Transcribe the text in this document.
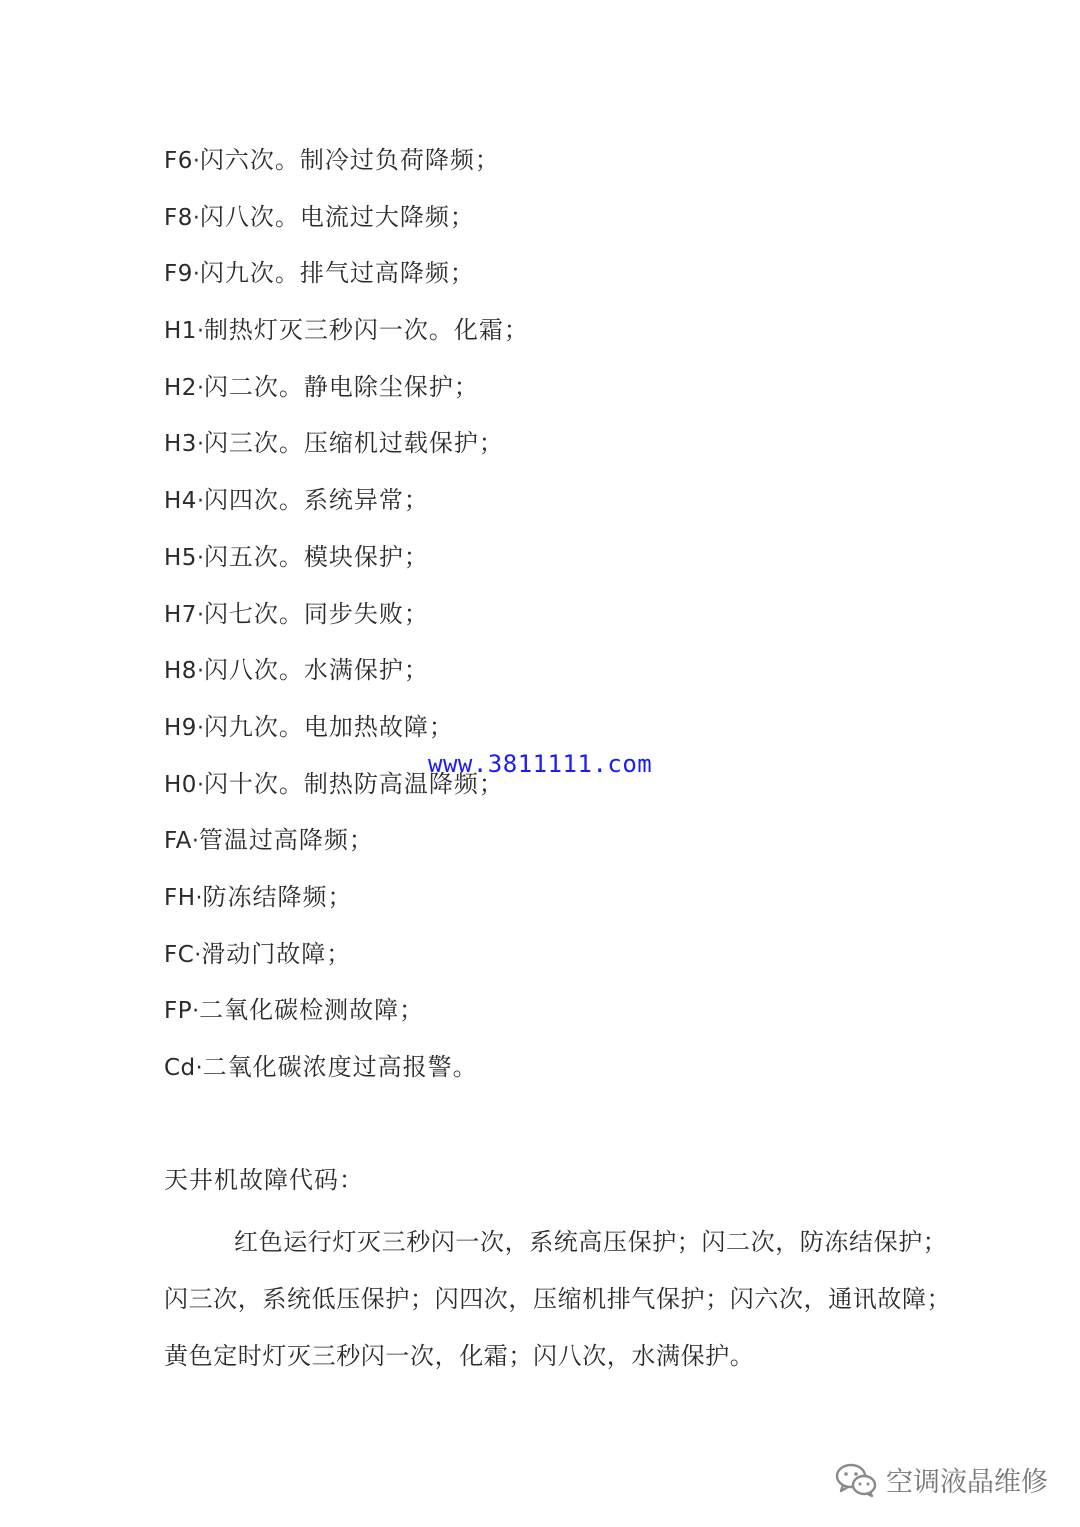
F6·闪六次。制冷过负荷降频；
F8·闪八次。电流过大降频；
F9·闪九次。排气过高降频；
H1·制热灯灭三秒闪一次。化霜；
H2·闪二次。静电除尘保护；
H3·闪三次。压缩机过载保护；
H4·闪四次。系统异常；
H5·闪五次。模块保护；
H7·闪七次。同步失败；
H8·闪八次。水满保护；
H9·闪九次。电加热故障；
H0·闪十次。制热防高温降频；
FA·管温过高降频；
FH·防冻结降频；
FC·滑动门故障；
FP·二氧化碳检测故障；
Cd·二氧化碳浓度过高报警。
天井机故障代码：

红色运行灯灭三秒闪一次，系统高压保护；闪二次，防冻结保护；
闪三次，系统低压保护；闪四次，压缩机排气保护；闪六次，通讯故障；
黄色定时灯灭三秒闪一次，化霜；闪八次，水满保护。

www.3811111.com
空调液晶维修
